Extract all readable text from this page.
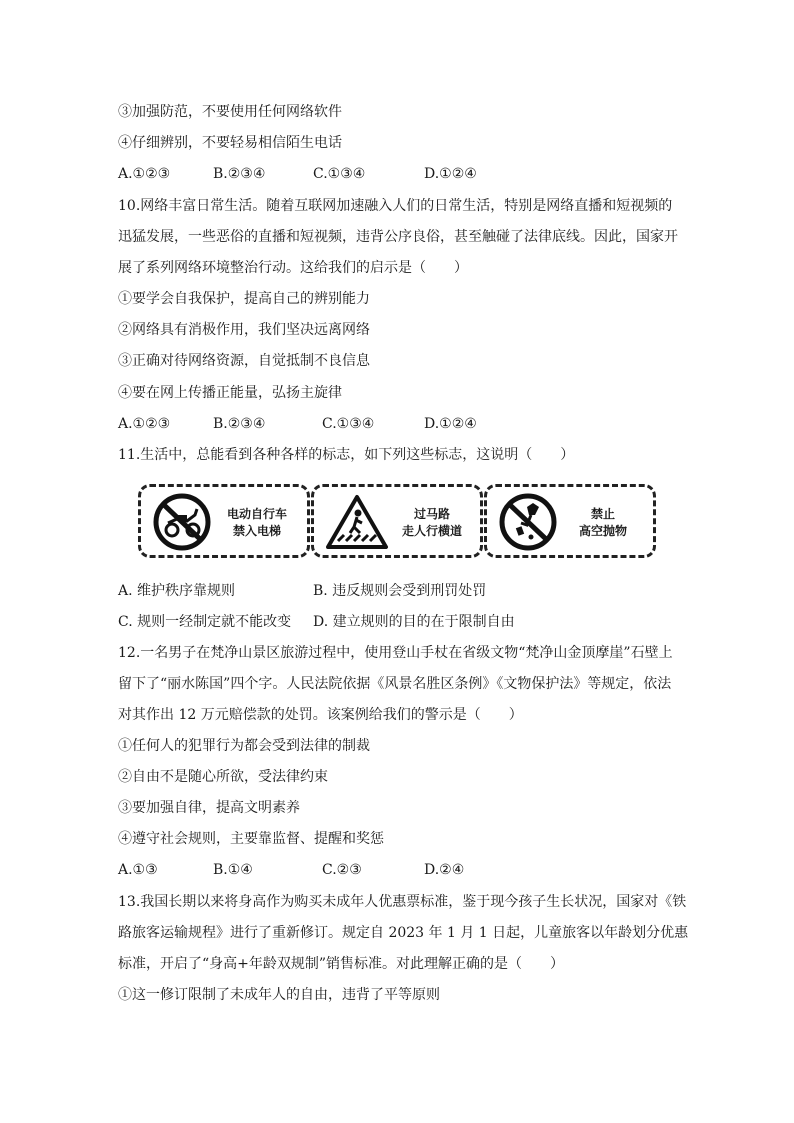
③加强防范，不要使用任何网络软件
④仔细辨别，不要轻易相信陌生电话
A.①②③	B.②③④	C.①③④	D.①②④
10.网络丰富日常生活。随着互联网加速融入人们的日常生活，特别是网络直播和短视频的
迅猛发展，一些恶俗的直播和短视频，违背公序良俗，甚至触碰了法律底线。因此，国家开
展了系列网络环境整治行动。这给我们的启示是（　　）
①要学会自我保护，提高自己的辨别能力
②网络具有消极作用，我们坚决远离网络
③正确对待网络资源，自觉抵制不良信息
④要在网上传播正能量，弘扬主旋律
A.①②③	B.②③④	C.①③④	D.①②④
11.生活中，总能看到各种各样的标志，如下列这些标志，这说明（　　）
电动自行车
禁入电梯
过马路
走人行横道
禁止
高空抛物
A. 维护秩序靠规则	B. 违反规则会受到刑罚处罚
C. 规则一经制定就不能改变 D. 建立规则的目的在于限制自由
12.一名男子在梵净山景区旅游过程中，使用登山手杖在省级文物“梵净山金顶摩崖”石壁上
留下了“丽水陈国”四个字。人民法院依据《风景名胜区条例》《文物保护法》等规定，依法
对其作出 12 万元赔偿款的处罚。该案例给我们的警示是（　　）
①任何人的犯罪行为都会受到法律的制裁
②自由不是随心所欲，受法律约束
③要加强自律，提高文明素养
④遵守社会规则，主要靠监督、提醒和奖惩
A.①③	B.①④	C.②③	D.②④
13.我国长期以来将身高作为购买未成年人优惠票标准，鉴于现今孩子生长状况，国家对《铁
路旅客运输规程》进行了重新修订。规定自 2023 年 1 月 1 日起，儿童旅客以年龄划分优惠
标准，开启了“身高+年龄双规制”销售标准。对此理解正确的是（　　）
①这一修订限制了未成年人的自由，违背了平等原则
